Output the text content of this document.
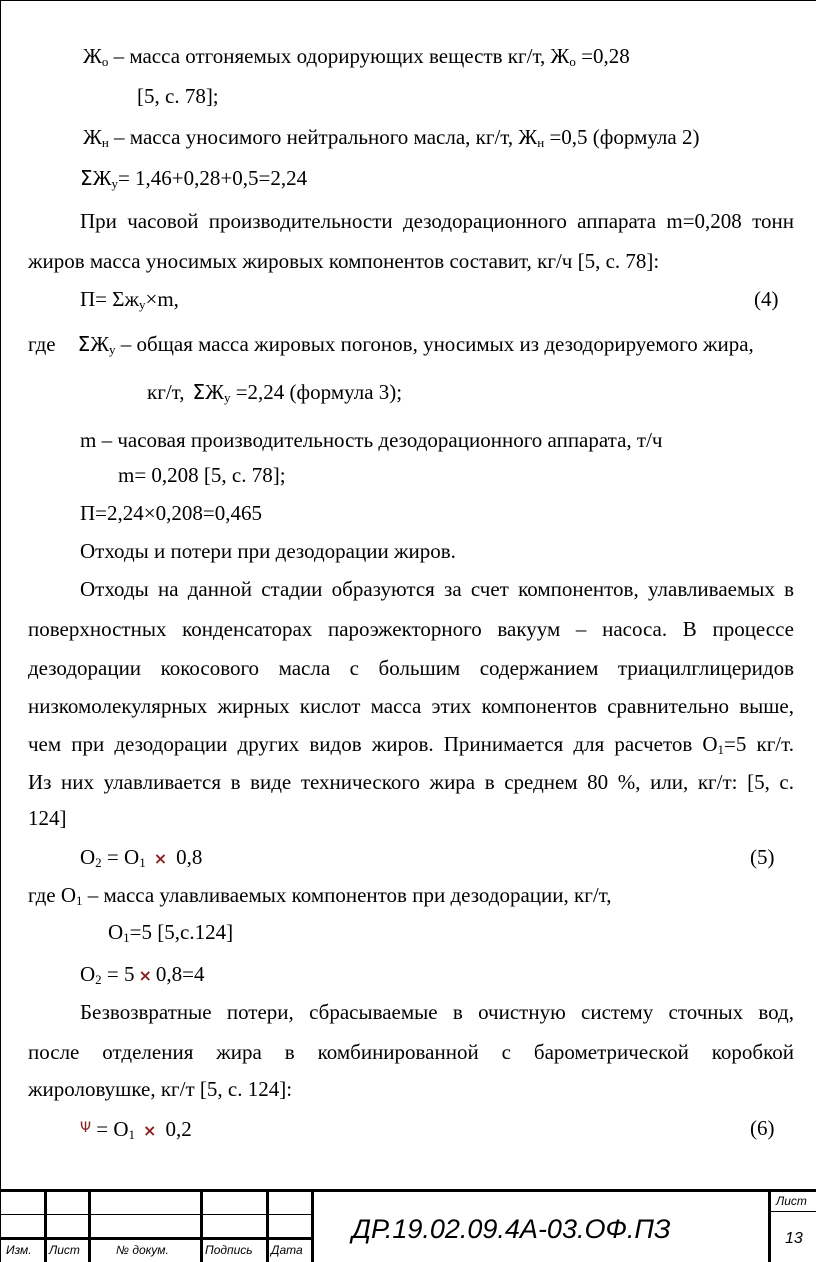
$Ж_о$ – масса отгоняемых одорирующих веществ кг/т, $Ж_о =0,28$
[5, с. 78];
$Ж_н$ – масса уносимого нейтрального масла, кг/т, $Ж_н =0,5$ (формула 2)
$\Sigma Ж_у= 1,46+0,28+0,5=2,24$
При часовой производительности дезодорационного аппарата m=0,208 тонн
жиров масса уносимых жировых компонентов составит, кг/ч [5, с. 78]:
$П= \Sigma ж_у\times m$,	(4)
где $\Sigma Ж_у$ – общая масса жировых погонов, уносимых из дезодорируемого жира,
кг/т, $\Sigma Ж_у =2,24$ (формула 3);
m – часовая производительность дезодорационного аппарата, т/ч
m= 0,208 [5, с. 78];
П=2,24×0,208=0,465
Отходы и потери при дезодорации жиров.
Отходы на данной стадии образуются за счет компонентов, улавливаемых в
поверхностных конденсаторах пароэжекторного вакуум – насоса. В процессе
дезодорации кокосового масла с большим содержанием триацилглицеридов
низкомолекулярных жирных кислот масса этих компонентов сравнительно выше,
чем при дезодорации других видов жиров. Принимается для расчетов $О_1=5$ кг/т.
Из них улавливается в виде технического жира в среднем 80 %, или, кг/т: [5, с.
124]
$О_2 = О_1 \times 0,8$	(5)
где $О_1$ – масса улавливаемых компонентов при дезодорации, кг/т,
$О_1=5$ [5,с.124]
$О_2 = 5 \times 0,8=4$
Безвозвратные потери, сбрасываемые в очистную систему сточных вод,
после отделения жира в комбинированной с барометрической коробкой
жироловушке, кг/т [5, с. 124]:
$\Psi = О_1 \times 0,2$	(6)
Изм. Лист	№ докум.	Подпись Дата
ДР.19.02.09.4А-03.ОФ.ПЗ
Лист
13
